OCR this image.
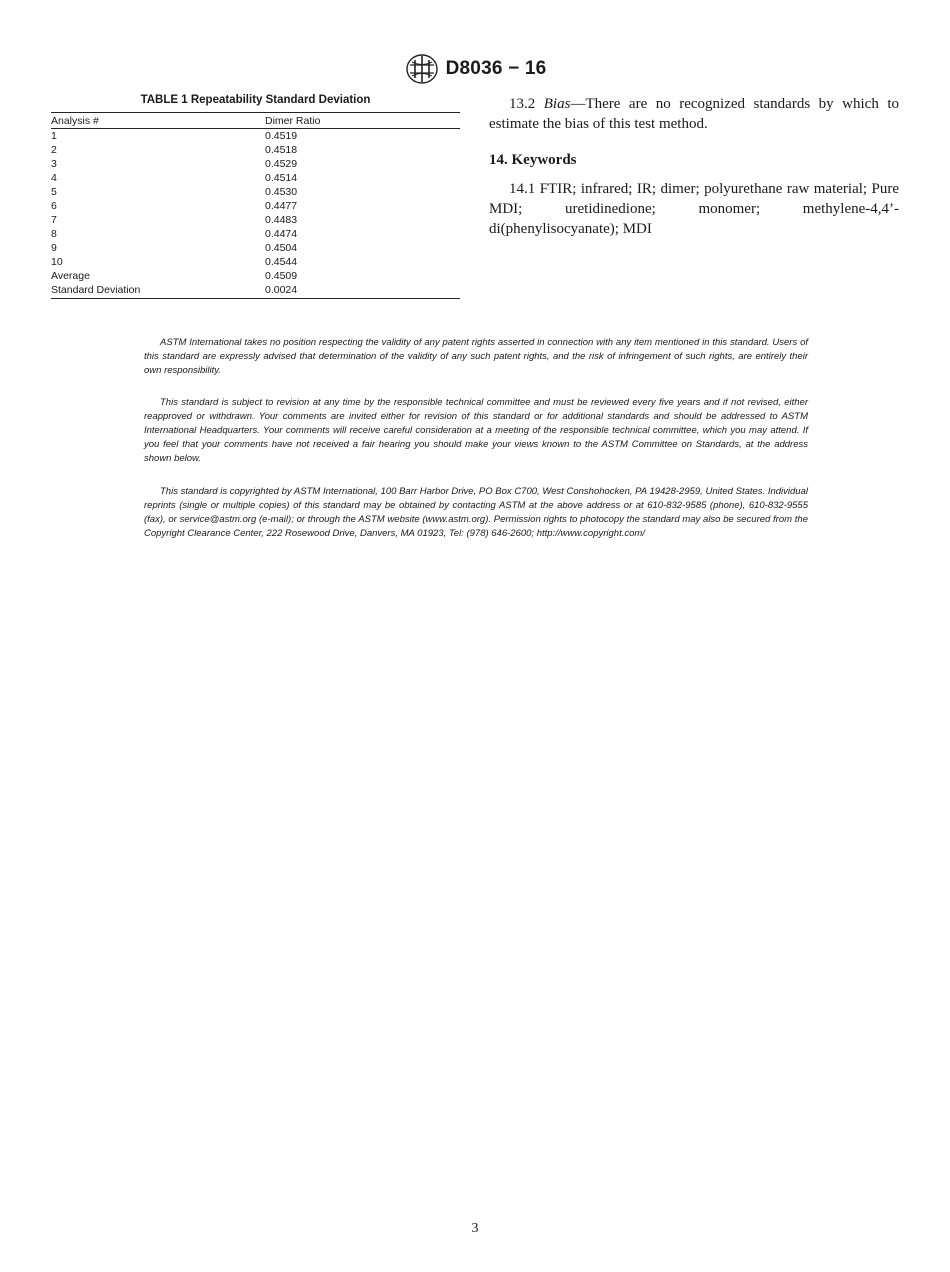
D8036 − 16

TABLE 1 Repeatability Standard Deviation

Analysis #	Dimer Ratio
1	0.4519
2	0.4518
3	0.4529
4	0.4514
5	0.4530
6	0.4477
7	0.4483
8	0.4474
9	0.4504
10	0.4544
Average	0.4509
Standard Deviation	0.0024

13.2 Bias—There are no recognized standards by which to estimate the bias of this test method.

14. Keywords

14.1 FTIR; infrared; IR; dimer; polyurethane raw material; Pure MDI; uretidinedione; monomer; methylene-4,4’- di(phenylisocyanate); MDI

ASTM International takes no position respecting the validity of any patent rights asserted in connection with any item mentioned in this standard. Users of this standard are expressly advised that determination of the validity of any such patent rights, and the risk of infringement of such rights, are entirely their own responsibility.

This standard is subject to revision at any time by the responsible technical committee and must be reviewed every five years and if not revised, either reapproved or withdrawn. Your comments are invited either for revision of this standard or for additional standards and should be addressed to ASTM International Headquarters. Your comments will receive careful consideration at a meeting of the responsible technical committee, which you may attend. If you feel that your comments have not received a fair hearing you should make your views known to the ASTM Committee on Standards, at the address shown below.

This standard is copyrighted by ASTM International, 100 Barr Harbor Drive, PO Box C700, West Conshohocken, PA 19428-2959, United States. Individual reprints (single or multiple copies) of this standard may be obtained by contacting ASTM at the above address or at 610-832-9585 (phone), 610-832-9555 (fax), or service@astm.org (e-mail); or through the ASTM website (www.astm.org). Permission rights to photocopy the standard may also be secured from the Copyright Clearance Center, 222 Rosewood Drive, Danvers, MA 01923, Tel: (978) 646-2600; http://www.copyright.com/

3
